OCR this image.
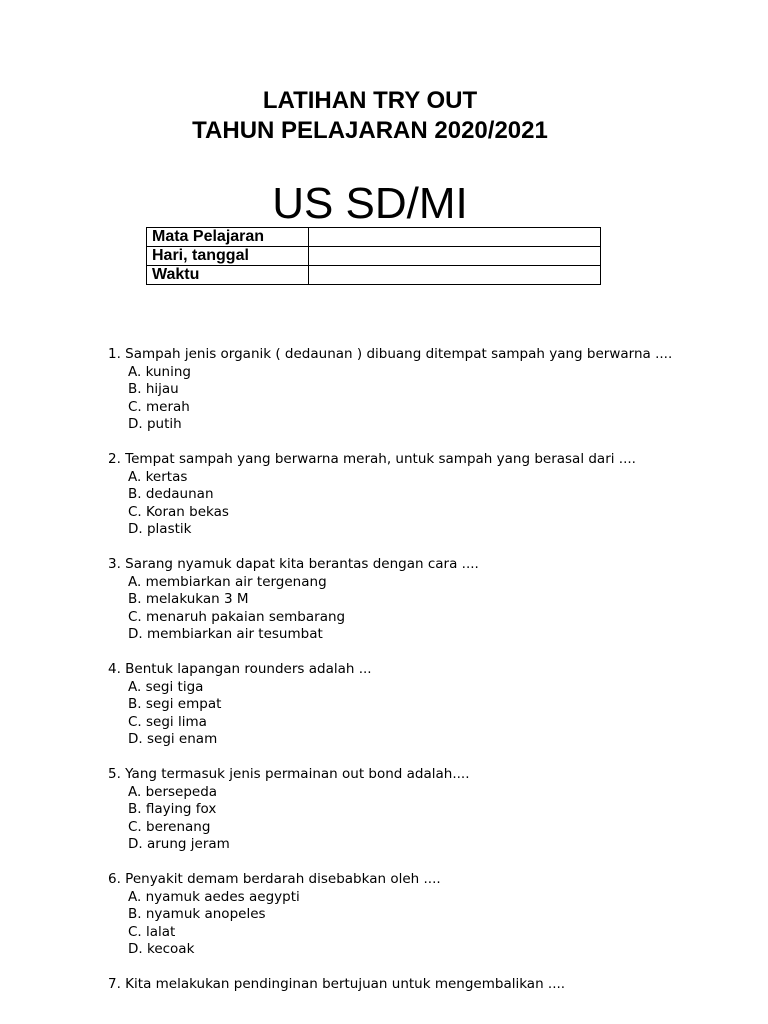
LATIHAN TRY OUT
TAHUN PELAJARAN 2020/2021
US SD/MI
Mata Pelajaran	
Hari, tanggal	
Waktu	
1. Sampah jenis organik ( dedaunan ) dibuang ditempat sampah yang berwarna ....
A. kuning
B. hijau
C. merah
D. putih
2. Tempat sampah yang berwarna merah, untuk sampah yang berasal dari ....
A. kertas
B. dedaunan
C. Koran bekas
D. plastik
3. Sarang nyamuk dapat kita berantas dengan cara ....
A. membiarkan air tergenang
B. melakukan 3 M
C. menaruh pakaian sembarang
D. membiarkan air tesumbat
4. Bentuk lapangan rounders adalah ...
A. segi tiga
B. segi empat
C. segi lima
D. segi enam
5. Yang termasuk jenis permainan out bond adalah....
A. bersepeda
B. flaying fox
C. berenang
D. arung jeram
6. Penyakit demam berdarah disebabkan oleh ....
A. nyamuk aedes aegypti
B. nyamuk anopeles
C. lalat
D. kecoak
7. Kita melakukan pendinginan bertujuan untuk mengembalikan ....
